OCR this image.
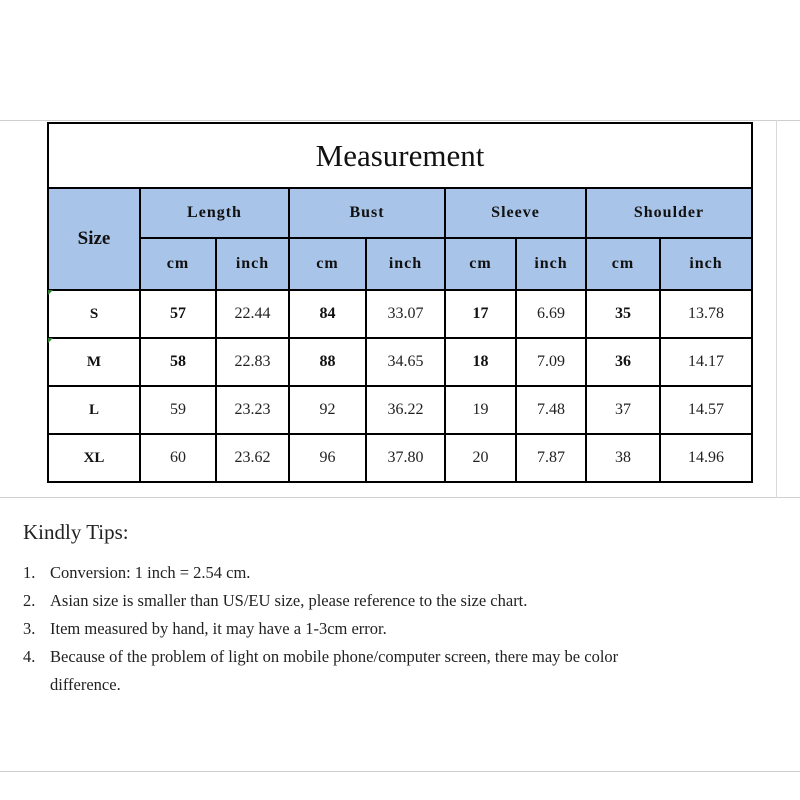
Measurement								
Size	Length		Bust		Sleeve		Shoulder	
	cm	inch	cm	inch	cm	inch	cm	inch
S	57	22.44	84	33.07	17	6.69	35	13.78
M	58	22.83	88	34.65	18	7.09	36	14.17
L	59	23.23	92	36.22	19	7.48	37	14.57
XL	60	23.62	96	37.80	20	7.87	38	14.96
Kindly Tips:
1. Conversion: 1 inch = 2.54 cm.
2. Asian size is smaller than US/EU size, please reference to the size chart.
3. Item measured by hand, it may have a 1-3cm error.
4. Because of the problem of light on mobile phone/computer screen, there may be color difference.
